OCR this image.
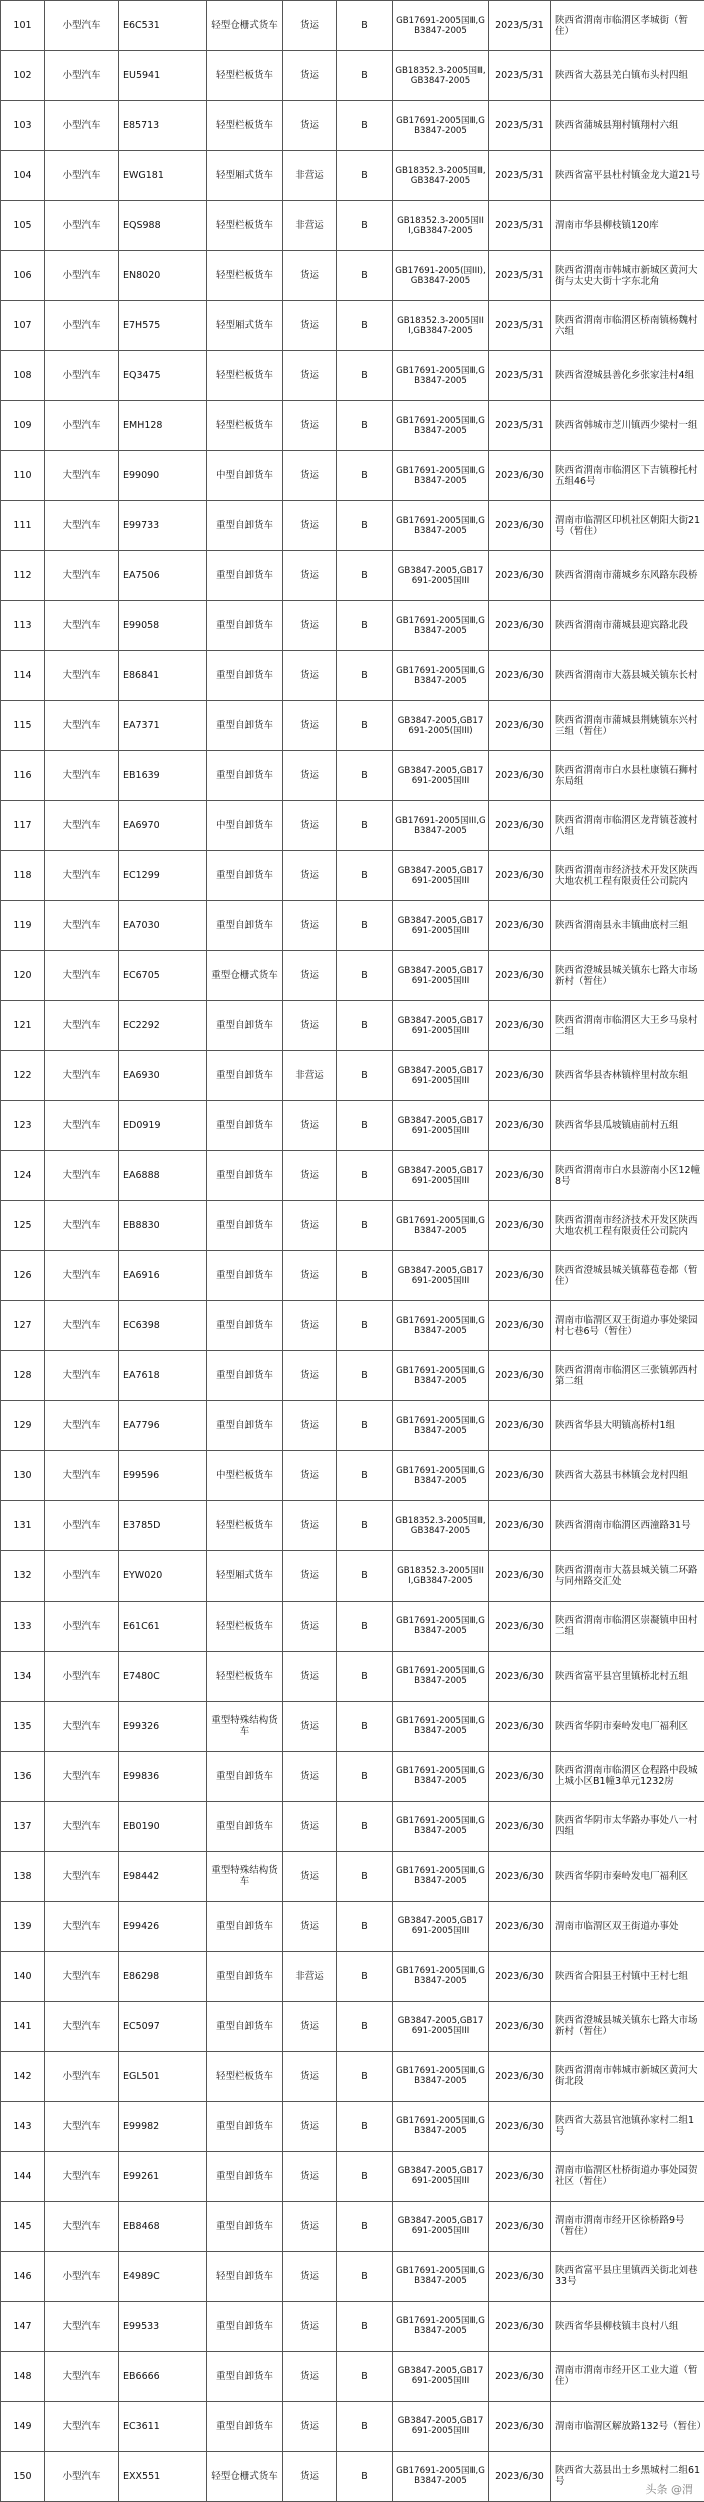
101	小型汽车	E6C531	轻型仓栅式货车	货运	B	GB17691-2005国Ⅲ,GB3847-2005	2023/5/31	陕西省渭南市临渭区孝城街（暂住）
102	小型汽车	EU5941	轻型栏板货车	货运	B	GB18352.3-2005国Ⅲ,GB3847-2005	2023/5/31	陕西省大荔县羌白镇布头村四组
103	小型汽车	E85713	轻型栏板货车	货运	B	GB17691-2005国Ⅲ,GB3847-2005	2023/5/31	陕西省蒲城县翔村镇翔村六组
104	小型汽车	EWG181	轻型厢式货车	非营运	B	GB18352.3-2005国Ⅲ,GB3847-2005	2023/5/31	陕西省富平县杜村镇金龙大道21号
105	小型汽车	EQS988	轻型栏板货车	非营运	B	GB18352.3-2005国III,GB3847-2005	2023/5/31	渭南市华县柳枝镇120库
106	小型汽车	EN8020	轻型栏板货车	货运	B	GB17691-2005(国III),GB3847-2005	2023/5/31	陕西省渭南市韩城市新城区黄河大街与太史大街十字东北角
107	小型汽车	E7H575	轻型厢式货车	货运	B	GB18352.3-2005国III,GB3847-2005	2023/5/31	陕西省渭南市临渭区桥南镇杨魏村六组
108	小型汽车	EQ3475	轻型栏板货车	货运	B	GB17691-2005国Ⅲ,GB3847-2005	2023/5/31	陕西省澄城县善化乡张家洼村4组
109	小型汽车	EMH128	轻型栏板货车	货运	B	GB17691-2005国Ⅲ,GB3847-2005	2023/5/31	陕西省韩城市芝川镇西少梁村一组
110	大型汽车	E99090	中型自卸货车	货运	B	GB17691-2005国Ⅲ,GB3847-2005	2023/6/30	陕西省渭南市临渭区下吉镇穆托村五组46号
111	大型汽车	E99733	重型自卸货车	货运	B	GB17691-2005国Ⅲ,GB3847-2005	2023/6/30	渭南市临渭区印机社区朝阳大街21号（暂住）
112	大型汽车	EA7506	重型自卸货车	货运	B	GB3847-2005,GB17691-2005国III	2023/6/30	陕西省渭南市蒲城乡东风路东段桥
113	大型汽车	E99058	重型自卸货车	货运	B	GB17691-2005国Ⅲ,GB3847-2005	2023/6/30	陕西省渭南市蒲城县迎宾路北段
114	大型汽车	E86841	重型自卸货车	货运	B	GB17691-2005国Ⅲ,GB3847-2005	2023/6/30	陕西省渭南市大荔县城关镇东长村
115	大型汽车	EA7371	重型自卸货车	货运	B	GB3847-2005,GB17691-2005(国III)	2023/6/30	陕西省渭南市蒲城县荆姚镇东兴村三组（暂住）
116	大型汽车	EB1639	重型自卸货车	货运	B	GB3847-2005,GB17691-2005国III	2023/6/30	陕西省渭南市白水县杜康镇石狮村东局组
117	大型汽车	EA6970	中型自卸货车	货运	B	GB17691-2005国III,GB3847-2005	2023/6/30	陕西省渭南市临渭区龙背镇苍渡村八组
118	大型汽车	EC1299	重型自卸货车	货运	B	GB3847-2005,GB17691-2005国III	2023/6/30	陕西省渭南市经济技术开发区陕西大地农机工程有限责任公司院内
119	大型汽车	EA7030	重型自卸货车	货运	B	GB3847-2005,GB17691-2005国III	2023/6/30	陕西省渭南县永丰镇曲底村三组
120	大型汽车	EC6705	重型仓栅式货车	货运	B	GB3847-2005,GB17691-2005国III	2023/6/30	陕西省澄城县城关镇东七路大市场新村（暂住）
121	大型汽车	EC2292	重型自卸货车	货运	B	GB3847-2005,GB17691-2005国III	2023/6/30	陕西省渭南市临渭区大王乡马泉村二组
122	大型汽车	EA6930	重型自卸货车	非营运	B	GB3847-2005,GB17691-2005国III	2023/6/30	陕西省华县杏林镇梓里村故东组
123	大型汽车	ED0919	重型自卸货车	货运	B	GB3847-2005,GB17691-2005国III	2023/6/30	陕西省华县瓜坡镇庙前村五组
124	大型汽车	EA6888	重型自卸货车	货运	B	GB3847-2005,GB17691-2005国III	2023/6/30	陕西省渭南市白水县游南小区12幢8号
125	大型汽车	EB8830	重型自卸货车	货运	B	GB17691-2005国Ⅲ,GB3847-2005	2023/6/30	陕西省渭南市经济技术开发区陕西大地农机工程有限责任公司院内
126	大型汽车	EA6916	重型自卸货车	货运	B	GB3847-2005,GB17691-2005国III	2023/6/30	陕西省澄城县城关镇幕苞卷都（暂住）
127	大型汽车	EC6398	重型自卸货车	货运	B	GB17691-2005国Ⅲ,GB3847-2005	2023/6/30	渭南市临渭区双王街道办事处梁园村七巷6号（暂住）
128	大型汽车	EA7618	重型自卸货车	货运	B	GB17691-2005国Ⅲ,GB3847-2005	2023/6/30	陕西省渭南市临渭区三张镇郭西村第二组
129	大型汽车	EA7796	重型自卸货车	货运	B	GB17691-2005国Ⅲ,GB3847-2005	2023/6/30	陕西省华县大明镇高桥村1组
130	大型汽车	E99596	中型栏板货车	货运	B	GB17691-2005国Ⅲ,GB3847-2005	2023/6/30	陕西省大荔县韦林镇会龙村四组
131	小型汽车	E3785D	轻型栏板货车	货运	B	GB18352.3-2005国Ⅲ,GB3847-2005	2023/6/30	陕西省渭南市临渭区西潼路31号
132	小型汽车	EYW020	轻型厢式货车	货运	B	GB18352.3-2005国III,GB3847-2005	2023/6/30	陕西省渭南市大荔县城关镇二环路与同州路交汇处
133	小型汽车	E61C61	轻型栏板货车	货运	B	GB17691-2005国Ⅲ,GB3847-2005	2023/6/30	陕西省渭南市临渭区崇凝镇申田村二组
134	小型汽车	E7480C	轻型栏板货车	货运	B	GB17691-2005国Ⅲ,GB3847-2005	2023/6/30	陕西省富平县宫里镇桥北村五组
135	大型汽车	E99326	重型特殊结构货车	货运	B	GB17691-2005国Ⅲ,GB3847-2005	2023/6/30	陕西省华阴市秦岭发电厂福利区
136	大型汽车	E99836	重型自卸货车	货运	B	GB17691-2005国Ⅲ,GB3847-2005	2023/6/30	陕西省渭南市临渭区仓程路中段城上城小区B1幢3单元1232房
137	大型汽车	EB0190	重型自卸货车	货运	B	GB17691-2005国Ⅲ,GB3847-2005	2023/6/30	陕西省华阴市太华路办事处八一村四组
138	大型汽车	E98442	重型特殊结构货车	货运	B	GB17691-2005国Ⅲ,GB3847-2005	2023/6/30	陕西省华阴市秦岭发电厂福利区
139	大型汽车	E99426	重型自卸货车	货运	B	GB3847-2005,GB17691-2005国III	2023/6/30	渭南市临渭区双王街道办事处
140	大型汽车	E86298	重型自卸货车	非营运	B	GB17691-2005国Ⅲ,GB3847-2005	2023/6/30	陕西省合阳县王村镇中王村七组
141	大型汽车	EC5097	重型自卸货车	货运	B	GB3847-2005,GB17691-2005国III	2023/6/30	陕西省澄城县城关镇东七路大市场新村（暂住）
142	小型汽车	EGL501	轻型栏板货车	货运	B	GB17691-2005国Ⅲ,GB3847-2005	2023/6/30	陕西省渭南市韩城市新城区黄河大街北段
143	大型汽车	E99982	重型自卸货车	货运	B	GB17691-2005国Ⅲ,GB3847-2005	2023/6/30	陕西省大荔县官池镇孙家村二组1号
144	大型汽车	E99261	重型自卸货车	货运	B	GB3847-2005,GB17691-2005国III	2023/6/30	渭南市临渭区杜桥街道办事处园贺社区（暂住）
145	大型汽车	EB8468	重型自卸货车	货运	B	GB3847-2005,GB17691-2005国III	2023/6/30	渭南市渭南市经开区徐桥路9号（暂住）
146	小型汽车	E4989C	轻型自卸货车	货运	B	GB17691-2005国Ⅲ,GB3847-2005	2023/6/30	陕西省富平县庄里镇西关街北刘巷33号
147	大型汽车	E99533	重型自卸货车	货运	B	GB17691-2005国Ⅲ,GB3847-2005	2023/6/30	陕西省华县柳枝镇丰良村八组
148	大型汽车	EB6666	重型自卸货车	货运	B	GB3847-2005,GB17691-2005国III	2023/6/30	渭南市渭南市经开区工业大道（暂住）
149	大型汽车	EC3611	重型自卸货车	货运	B	GB3847-2005,GB17691-2005国III	2023/6/30	渭南市临渭区解放路132号（暂住）
150	小型汽车	EXX551	轻型仓栅式货车	货运	B	GB17691-2005国Ⅲ,GB3847-2005	2023/6/30	陕西省大荔县出士乡黑城村二组61号
头条 @渭
